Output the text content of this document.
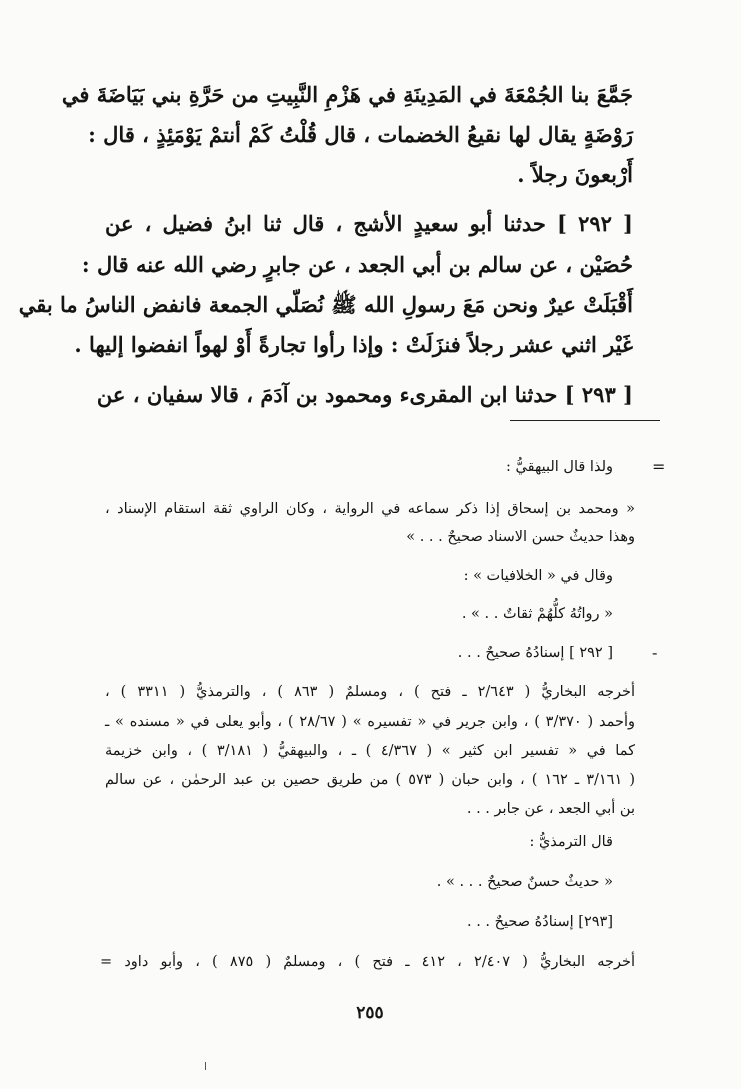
جَمَّعَ بنا الجُمْعَةَ في المَدِينَةِ في هَزْمِ النَّبِيتِ من حَرَّةِ بني بَيَاضَةَ في
رَوْضَةٍ يقال لها نقيعُ الخضمات ، قال قُلْتُ كَمْ أنتمْ يَوْمَئِذٍ ، قال :
أَرْبعونَ رجلاً .
[ ٢٩٢ ] حدثنا أبو سعيدٍ الأشج ، قال ثنا ابنُ فضيل ، عن
حُصَيْن ، عن سالم بن أبي الجعد ، عن جابرٍ رضي الله عنه قال :
أَقْبَلَتْ عيرٌ ونحن مَعَ رسولِ الله ﷺ نُصَلّي الجمعة فانفض الناسُ ما بقي
غَيْر اثني عشر رجلاً فنزَلَتْ : وإذا رأوا تجارةً أَوْ لهواً انفضوا إليها .
[ ٢٩٣ ] حدثنا ابن المقرىء ومحمود بن آدَمَ ، قالا سفيان ، عن
=
-
ولذا قال البيهقيُّ :
« ومحمد بن إسحاق إذا ذكر سماعه في الرواية ، وكان الراوي ثقة استقام الإسناد ،
وهذا حديثٌ حسن الاسناد صحيحٌ . . . »
وقال في « الخلافيات » :
« رواتُهُ كلُّهُمْ ثقاتٌ . . » .
[ ٢٩٢ ] إسنادُهُ صحيحٌ . . .
أخرجه البخاريُّ ( ٢/٦٤٣ ـ فتح ) ، ومسلمٌ ( ٨٦٣ ) ، والترمذيُّ ( ٣٣١١ ) ،
وأحمد ( ٣/٣٧٠ ) ، وابن جرير في « تفسيره » ( ٢٨/٦٧ ) ، وأبو يعلى في « مسنده » ـ
كما في « تفسير ابن كثير » ( ٤/٣٦٧ ) ـ ، والبيهقيُّ ( ٣/١٨١ ) ، وابن خزيمة
( ٣/١٦١ ـ ١٦٢ ) ، وابن حبان ( ٥٧٣ ) من طريق حصين بن عبد الرحمٰن ، عن سالم
بن أبي الجعد ، عن جابر . . .
قال الترمذيُّ :
« حديثٌ حسنٌ صحيحٌ . . . » .
[٢٩٣] إسنادُهُ صحيحٌ . . .
أخرجه البخاريُّ ( ٢/٤٠٧ ، ٤١٢ ـ فتح ) ، ومسلمٌ ( ٨٧٥ ) ، وأبو داود =
٢٥٥
